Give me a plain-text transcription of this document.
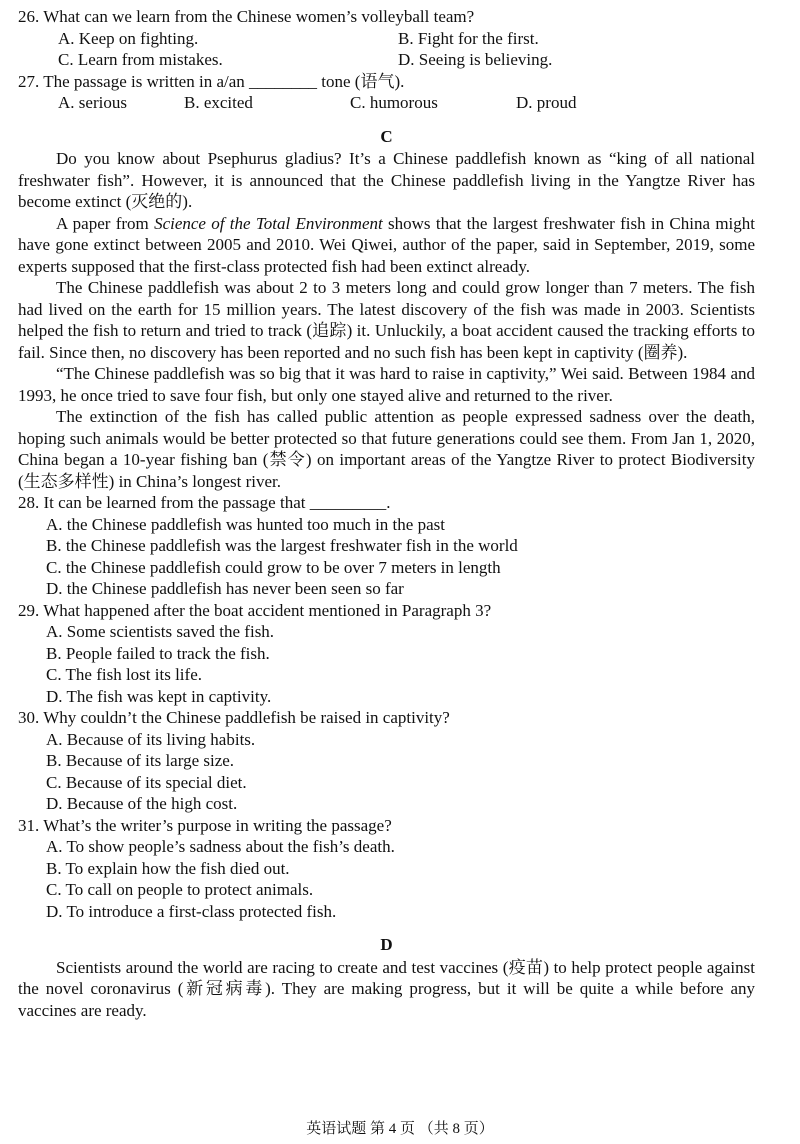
26. What can we learn from the Chinese women’s volleyball team?

A. Keep on fighting.	B. Fight for the first.
C. Learn from mistakes.	D. Seeing is believing.

27. The passage is written in a/an ________ tone (语气).

A. serious	B. excited	C. humorous	D. proud
C

Do you know about Psephurus gladius? It’s a Chinese paddlefish known as “king of all national freshwater fish”. However, it is announced that the Chinese paddlefish living in the Yangtze River has become extinct (灭绝的).

A paper from Science of the Total Environment shows that the largest freshwater fish in China might have gone extinct between 2005 and 2010. Wei Qiwei, author of the paper, said in September, 2019, some experts supposed that the first-class protected fish had been extinct already.

The Chinese paddlefish was about 2 to 3 meters long and could grow longer than 7 meters. The fish had lived on the earth for 15 million years. The latest discovery of the fish was made in 2003. Scientists helped the fish to return and tried to track (追踪) it. Unluckily, a boat accident caused the tracking efforts to fail. Since then, no discovery has been reported and no such fish has been kept in captivity (圈养).

“The Chinese paddlefish was so big that it was hard to raise in captivity,” Wei said. Between 1984 and 1993, he once tried to save four fish, but only one stayed alive and returned to the river.

The extinction of the fish has called public attention as people expressed sadness over the death, hoping such animals would be better protected so that future generations could see them. From Jan 1, 2020, China began a 10-year fishing ban (禁令) on important areas of the Yangtze River to protect Biodiversity (生态多样性) in China’s longest river.

28. It can be learned from the passage that _________.

A. the Chinese paddlefish was hunted too much in the past
B. the Chinese paddlefish was the largest freshwater fish in the world
C. the Chinese paddlefish could grow to be over 7 meters in length
D. the Chinese paddlefish has never been seen so far

29. What happened after the boat accident mentioned in Paragraph 3?

A. Some scientists saved the fish.
B. People failed to track the fish.
C. The fish lost its life.
D. The fish was kept in captivity.

30. Why couldn’t the Chinese paddlefish be raised in captivity?

A. Because of its living habits.
B. Because of its large size.
C. Because of its special diet.
D. Because of the high cost.

31. What’s the writer’s purpose in writing the passage?

A. To show people’s sadness about the fish’s death.
B. To explain how the fish died out.
C. To call on people to protect animals.
D. To introduce a first-class protected fish.
D

Scientists around the world are racing to create and test vaccines (疫苗) to help protect people against the novel coronavirus (新冠病毒). They are making progress, but it will be quite a while before any vaccines are ready.

英语试题 第 4 页 （共 8 页）
